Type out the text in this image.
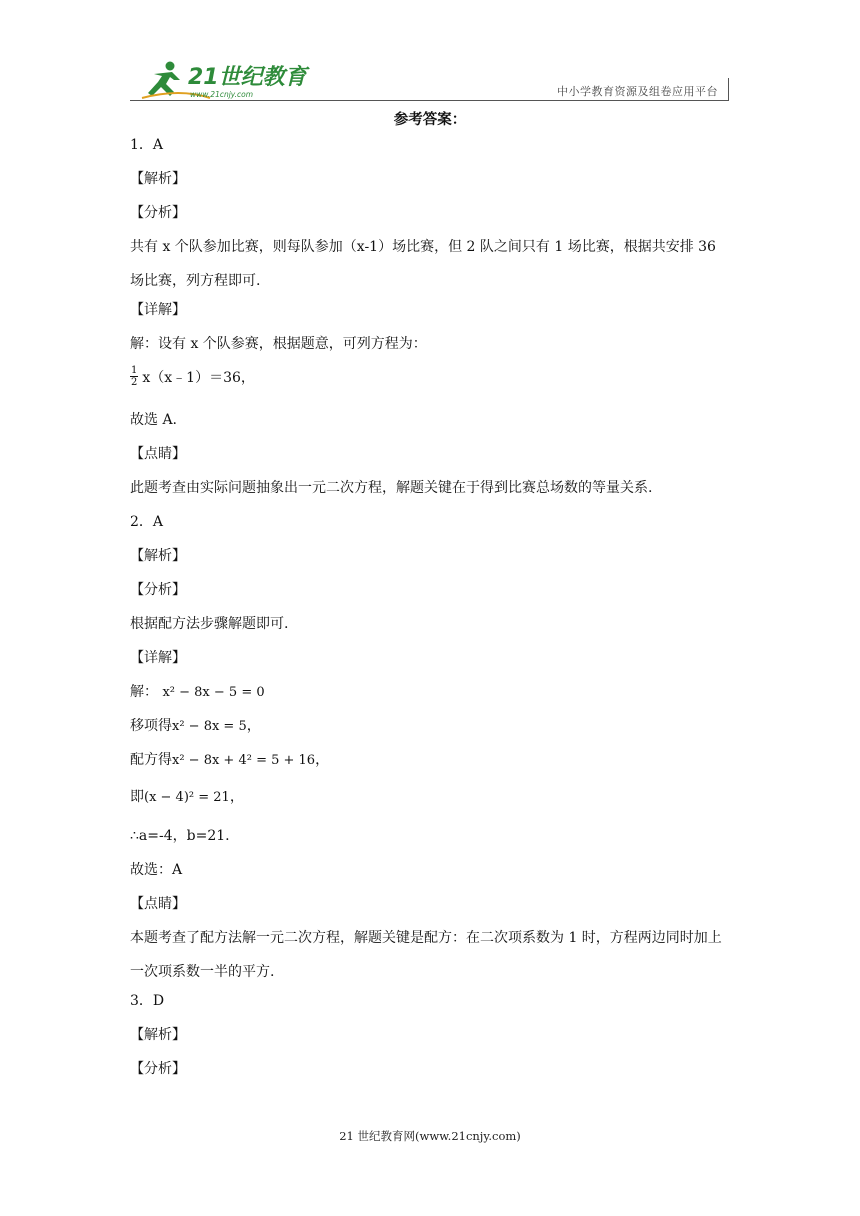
21世纪教育
www.21cnjy.com	中小学教育资源及组卷应用平台
参考答案：
1．A
【解析】
【分析】
共有 x 个队参加比赛，则每队参加（x-1）场比赛，但 2 队之间只有 1 场比赛，根据共安排 36 场比赛，列方程即可.
【详解】
解：设有 x 个队参赛，根据题意，可列方程为：
$\frac{1}{2}$ x（x﹣1）＝36，
故选 A.
【点睛】
此题考查由实际问题抽象出一元二次方程，解题关键在于得到比赛总场数的等量关系.
2．A
【解析】
【分析】
根据配方法步骤解题即可.
【详解】
解： x² − 8x − 5 = 0
移项得x² − 8x = 5，
配方得x² − 8x + 4² = 5 + 16，
即(x − 4)² = 21，
∴a=-4，b=21.
故选：A
【点睛】
本题考查了配方法解一元二次方程，解题关键是配方：在二次项系数为 1 时，方程两边同时加上一次项系数一半的平方.
3．D
【解析】
【分析】
21 世纪教育网(www.21cnjy.com)
